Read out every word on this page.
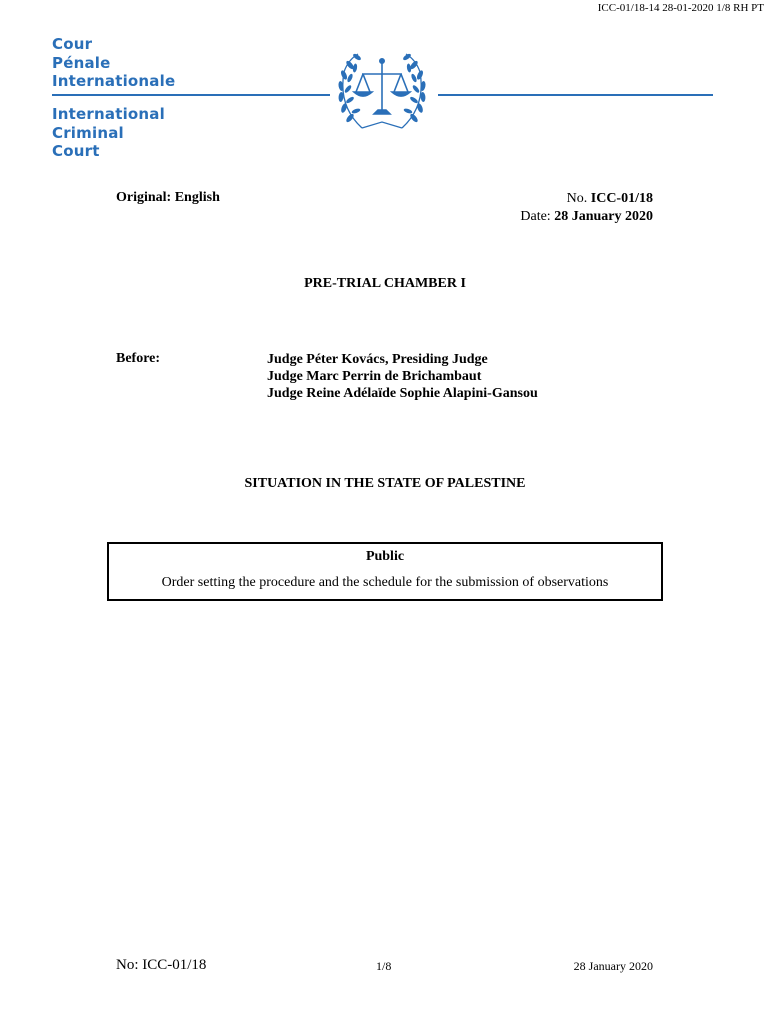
ICC-01/18-14 28-01-2020 1/8 RH PT
Cour
Pénale
Internationale
International
Criminal
Court
Original: English	No. ICC-01/18
Date: 28 January 2020
PRE-TRIAL CHAMBER I
Before:	Judge Péter Kovács, Presiding Judge
Judge Marc Perrin de Brichambaut
Judge Reine Adélaïde Sophie Alapini-Gansou
SITUATION IN THE STATE OF PALESTINE
Public
Order setting the procedure and the schedule for the submission of observations
No: ICC-01/18	1/8	28 January 2020
